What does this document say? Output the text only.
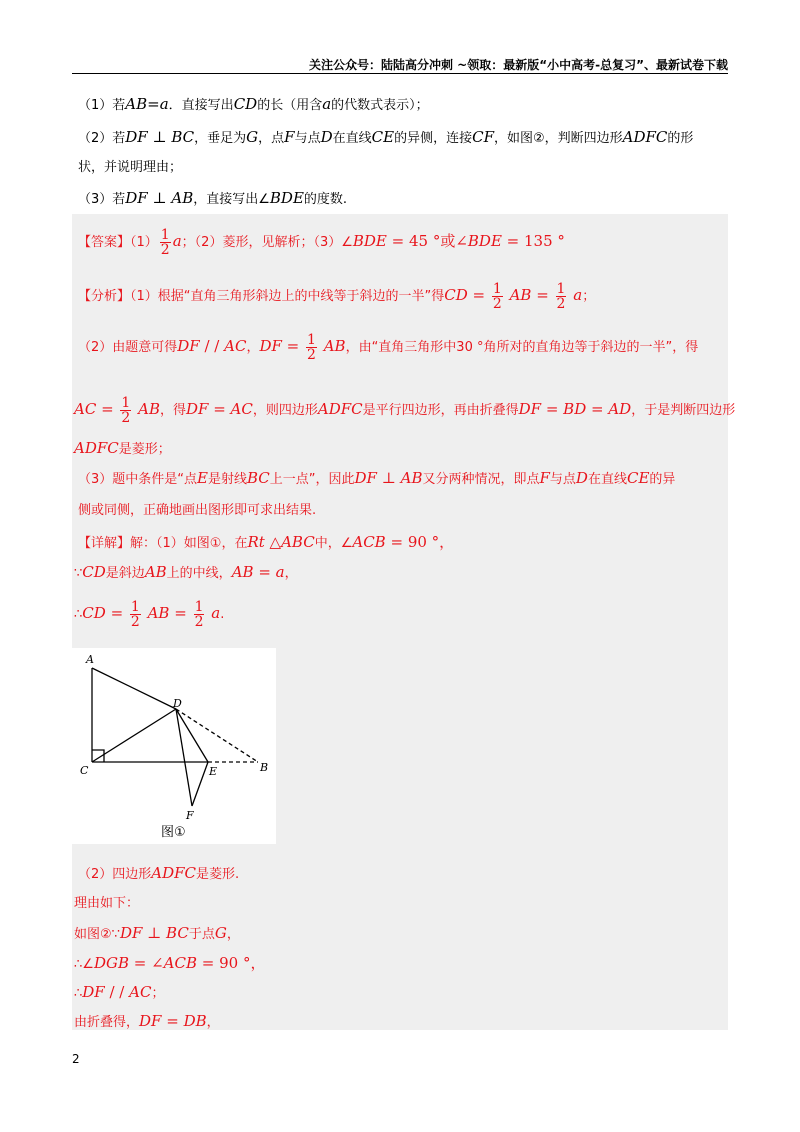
关注公众号：陆陆高分冲刺 ~领取：最新版“小中高考-总复习”、最新试卷下载
（1）若AB=a．直接写出CD的长（用含a的代数式表示）；
（2）若DF ⊥ BC，垂足为G，点F与点D在直线CE的异侧，连接CF，如图②，判断四边形ADFC的形
状，并说明理由；
（3）若DF ⊥ AB，直接写出∠BDE的度数.
【答案】$(1) \frac{1}{2}$ a；（2）菱形，见解析；（3）∠BDE = 45 °或∠BDE = 135 °
【分析】（1）根据“直角三角形斜边上的中线等于斜边的一半”得CD = $\frac{1}{2}$ AB = $\frac{1}{2}$ a；
（2）由题意可得DF / / AC，DF = $\frac{1}{2}$ AB，由“直角三角形中30 °角所对的直角边等于斜边的一半”，得
AC = $\frac{1}{2}$ AB，得DF = AC，则四边形ADFC是平行四边形，再由折叠得DF = BD = AD，于是判断四边形
ADFC是菱形；
（3）题中条件是“点E是射线BC上一点”，因此DF ⊥ AB又分两种情况，即点F与点D在直线CE的异
侧或同侧，正确地画出图形即可求出结果.
【详解】解：（1）如图①，在Rt △ABC中，∠ACB = 90 °，
∵CD是斜边AB上的中线，AB = a，
∴CD = $\frac{1}{2}$ AB = $\frac{1}{2} a$.
A
D
C	E	B
F
图①
（2）四边形ADFC是菱形.
理由如下：
如图②∵DF ⊥ BC于点G，
∴∠DGB = ∠ACB = 90 °，
∴DF / / AC；
由折叠得，DF = DB，
2
